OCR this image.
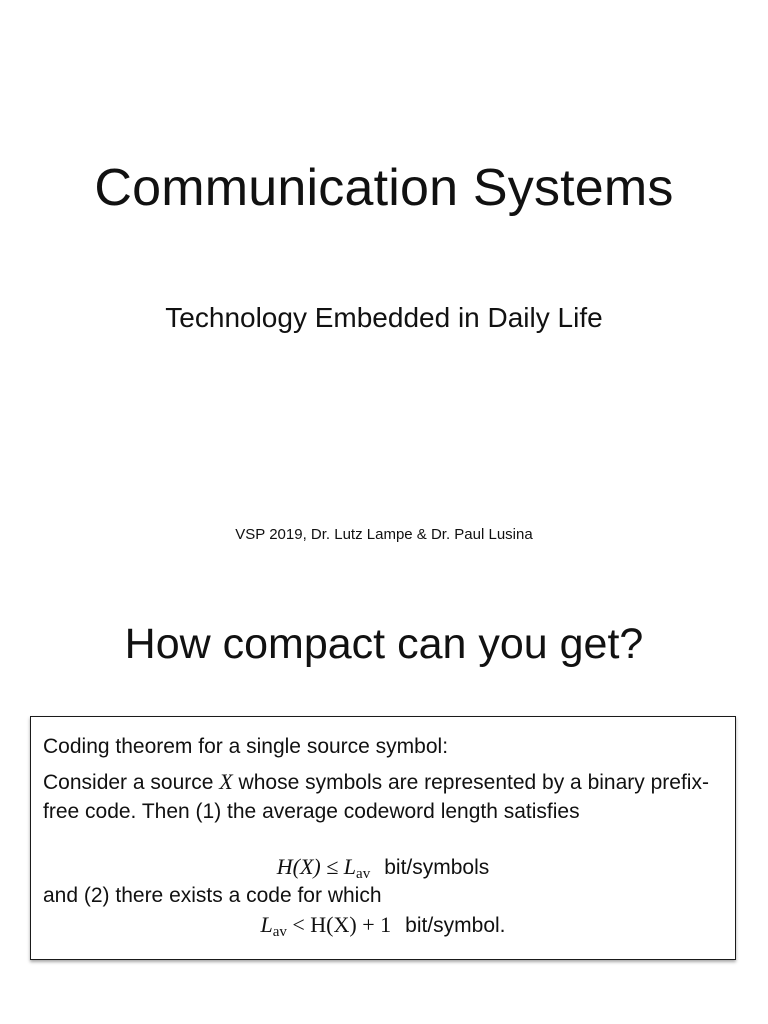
Communication Systems
Technology Embedded in Daily Life
VSP 2019, Dr. Lutz Lampe & Dr. Paul Lusina
How compact can you get?
Coding theorem for a single source symbol:
Consider a source X whose symbols are represented by a binary prefix-free code. Then (1) the average codeword length satisfies
$H(X) \le L_{av}$ bit/symbols
and (2) there exists a code for which
$L_{av} < H(X) + 1$ bit/symbol.
